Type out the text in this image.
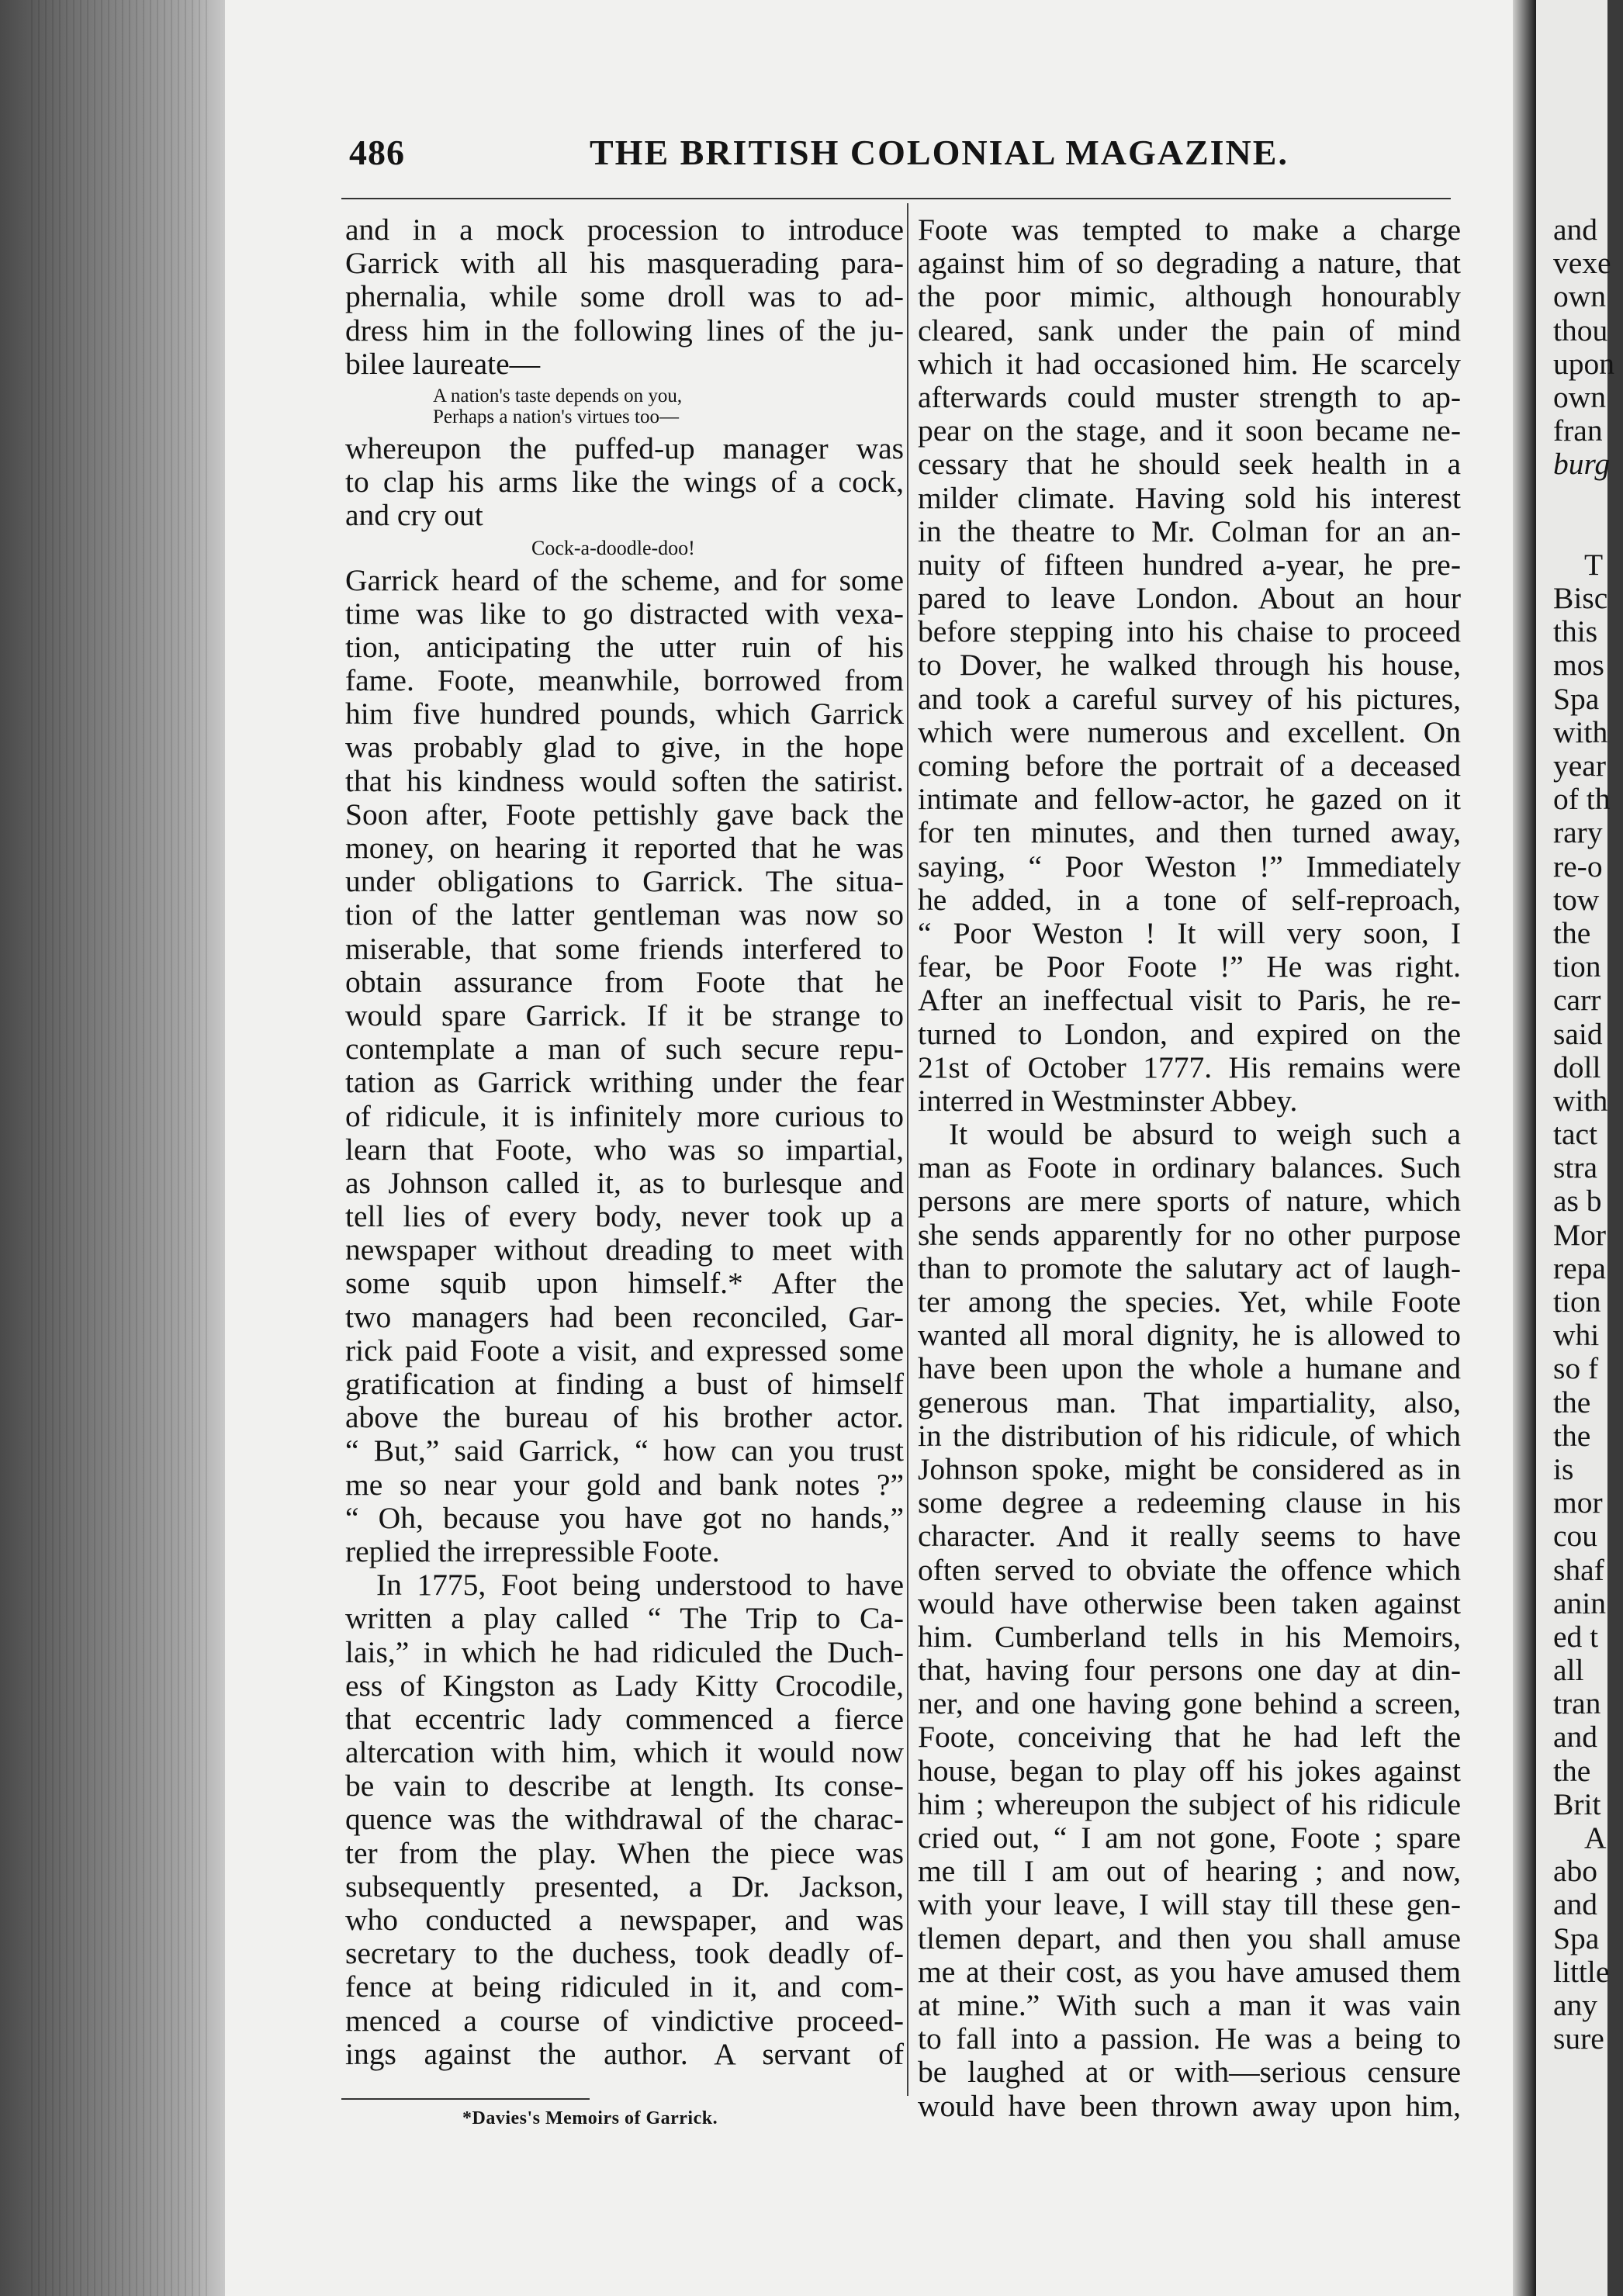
and
vexe
own
thou
upon
own
fran
burg
T
Bisc
this
mos
Spa
with
year
of th
rary
re-o
tow
the
tion
carr
said
doll
with
tact
stra
as b
Mor
repa
tion
whi
so f
the
the
is
mor
cou
shaf
anin
ed t
all
tran
and
the
Brit
A
abo
and
Spa
little
any
sure
486	THE BRITISH COLONIAL MAGAZINE.
and in a mock procession to introduce
Garrick with all his masquerading para-
phernalia, while some droll was to ad-
dress him in the following lines of the ju-
bilee laureate—
A nation's taste depends on you,
Perhaps a nation's virtues too—
whereupon the puffed-up manager was
to clap his arms like the wings of a cock,
and cry out
Cock-a-doodle-doo!
Garrick heard of the scheme, and for some
time was like to go distracted with vexa-
tion, anticipating the utter ruin of his
fame. Foote, meanwhile, borrowed from
him five hundred pounds, which Garrick
was probably glad to give, in the hope
that his kindness would soften the satirist.
Soon after, Foote pettishly gave back the
money, on hearing it reported that he was
under obligations to Garrick. The situa-
tion of the latter gentleman was now so
miserable, that some friends interfered to
obtain assurance from Foote that he
would spare Garrick. If it be strange to
contemplate a man of such secure repu-
tation as Garrick writhing under the fear
of ridicule, it is infinitely more curious to
learn that Foote, who was so impartial,
as Johnson called it, as to burlesque and
tell lies of every body, never took up a
newspaper without dreading to meet with
some squib upon himself.* After the
two managers had been reconciled, Gar-
rick paid Foote a visit, and expressed some
gratification at finding a bust of himself
above the bureau of his brother actor.
“ But,” said Garrick, “ how can you trust
me so near your gold and bank notes ?”
“ Oh, because you have got no hands,”
replied the irrepressible Foote.
In 1775, Foot being understood to have
written a play called “ The Trip to Ca-
lais,” in which he had ridiculed the Duch-
ess of Kingston as Lady Kitty Crocodile,
that eccentric lady commenced a fierce
altercation with him, which it would now
be vain to describe at length. Its conse-
quence was the withdrawal of the charac-
ter from the play. When the piece was
subsequently presented, a Dr. Jackson,
who conducted a newspaper, and was
secretary to the duchess, took deadly of-
fence at being ridiculed in it, and com-
menced a course of vindictive proceed-
ings against the author. A servant of
Foote was tempted to make a charge
against him of so degrading a nature, that
the poor mimic, although honourably
cleared, sank under the pain of mind
which it had occasioned him. He scarcely
afterwards could muster strength to ap-
pear on the stage, and it soon became ne-
cessary that he should seek health in a
milder climate. Having sold his interest
in the theatre to Mr. Colman for an an-
nuity of fifteen hundred a-year, he pre-
pared to leave London. About an hour
before stepping into his chaise to proceed
to Dover, he walked through his house,
and took a careful survey of his pictures,
which were numerous and excellent. On
coming before the portrait of a deceased
intimate and fellow-actor, he gazed on it
for ten minutes, and then turned away,
saying, “ Poor Weston !” Immediately
he added, in a tone of self-reproach,
“ Poor Weston ! It will very soon, I
fear, be Poor Foote !” He was right.
After an ineffectual visit to Paris, he re-
turned to London, and expired on the
21st of October 1777. His remains were
interred in Westminster Abbey.
It would be absurd to weigh such a
man as Foote in ordinary balances. Such
persons are mere sports of nature, which
she sends apparently for no other purpose
than to promote the salutary act of laugh-
ter among the species. Yet, while Foote
wanted all moral dignity, he is allowed to
have been upon the whole a humane and
generous man. That impartiality, also,
in the distribution of his ridicule, of which
Johnson spoke, might be considered as in
some degree a redeeming clause in his
character. And it really seems to have
often served to obviate the offence which
would have otherwise been taken against
him. Cumberland tells in his Memoirs,
that, having four persons one day at din-
ner, and one having gone behind a screen,
Foote, conceiving that he had left the
house, began to play off his jokes against
him ; whereupon the subject of his ridicule
cried out, “ I am not gone, Foote ; spare
me till I am out of hearing ; and now,
with your leave, I will stay till these gen-
tlemen depart, and then you shall amuse
me at their cost, as you have amused them
at mine.” With such a man it was vain
to fall into a passion. He was a being to
be laughed at or with—serious censure
would have been thrown away upon him,
*Davies's Memoirs of Garrick.
